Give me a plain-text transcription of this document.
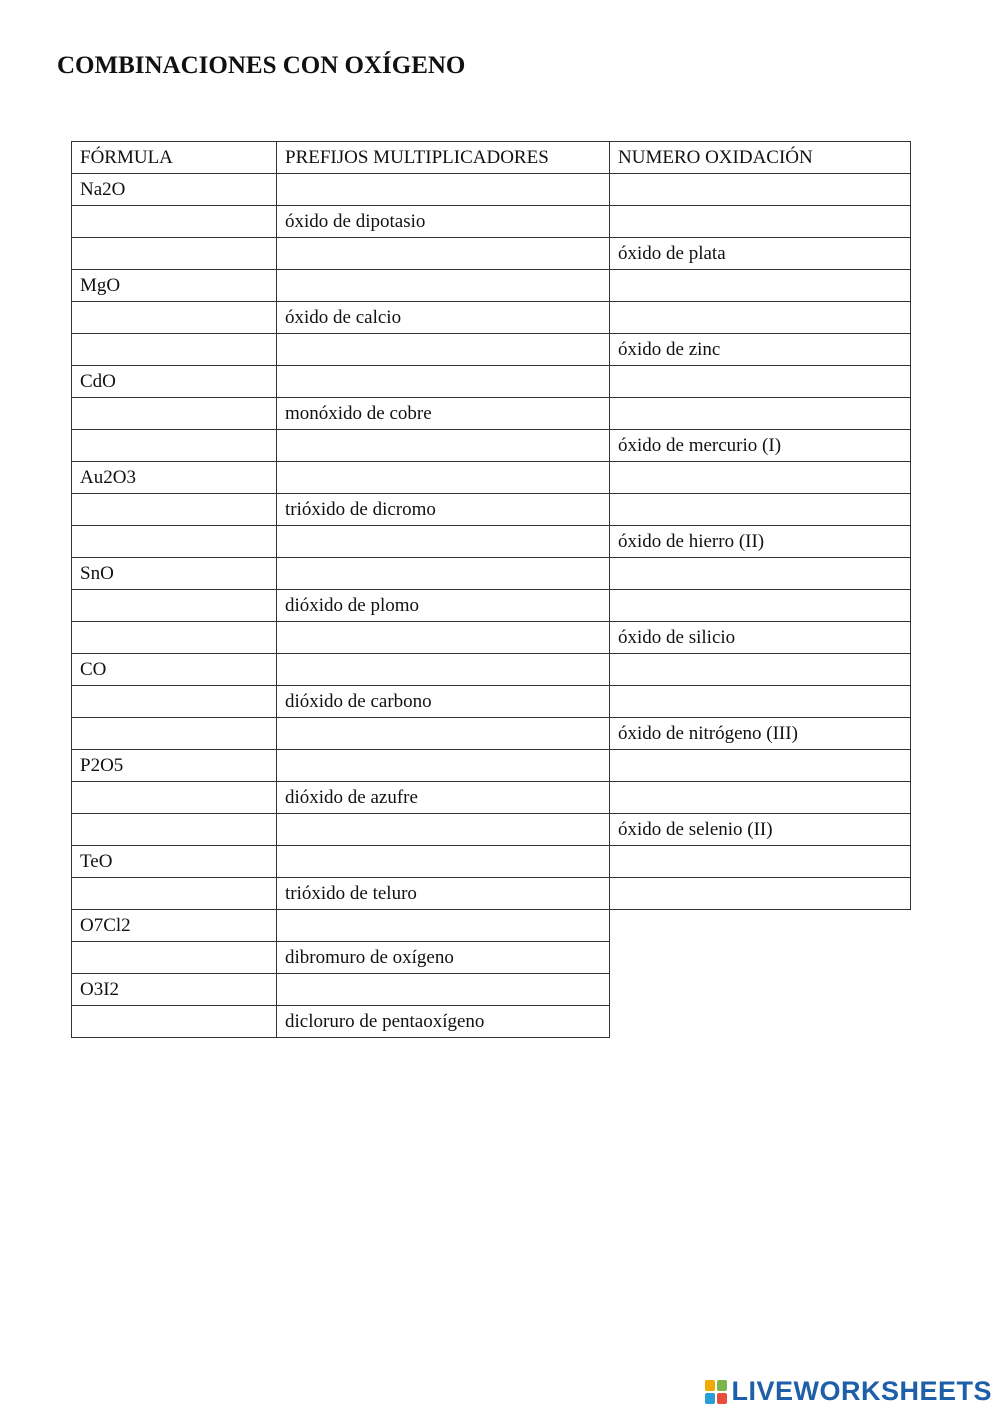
COMBINACIONES CON OXÍGENO
FÓRMULA	PREFIJOS MULTIPLICADORES	NUMERO OXIDACIÓN
Na2O		
	óxido de dipotasio	
		óxido de plata
MgO		
	óxido de calcio	
		óxido de zinc
CdO		
	monóxido de cobre	
		óxido de mercurio (I)
Au2O3		
	trióxido de dicromo	
		óxido de hierro (II)
SnO		
	dióxido de plomo	
		óxido de silicio
CO		
	dióxido de carbono	
		óxido de nitrógeno (III)
P2O5		
	dióxido de azufre	
		óxido de selenio (II)
TeO		
	trióxido de teluro	
O7Cl2		
	dibromuro de oxígeno	
O3I2		
	dicloruro de pentaoxígeno	
LIVEWORKSHEETS
